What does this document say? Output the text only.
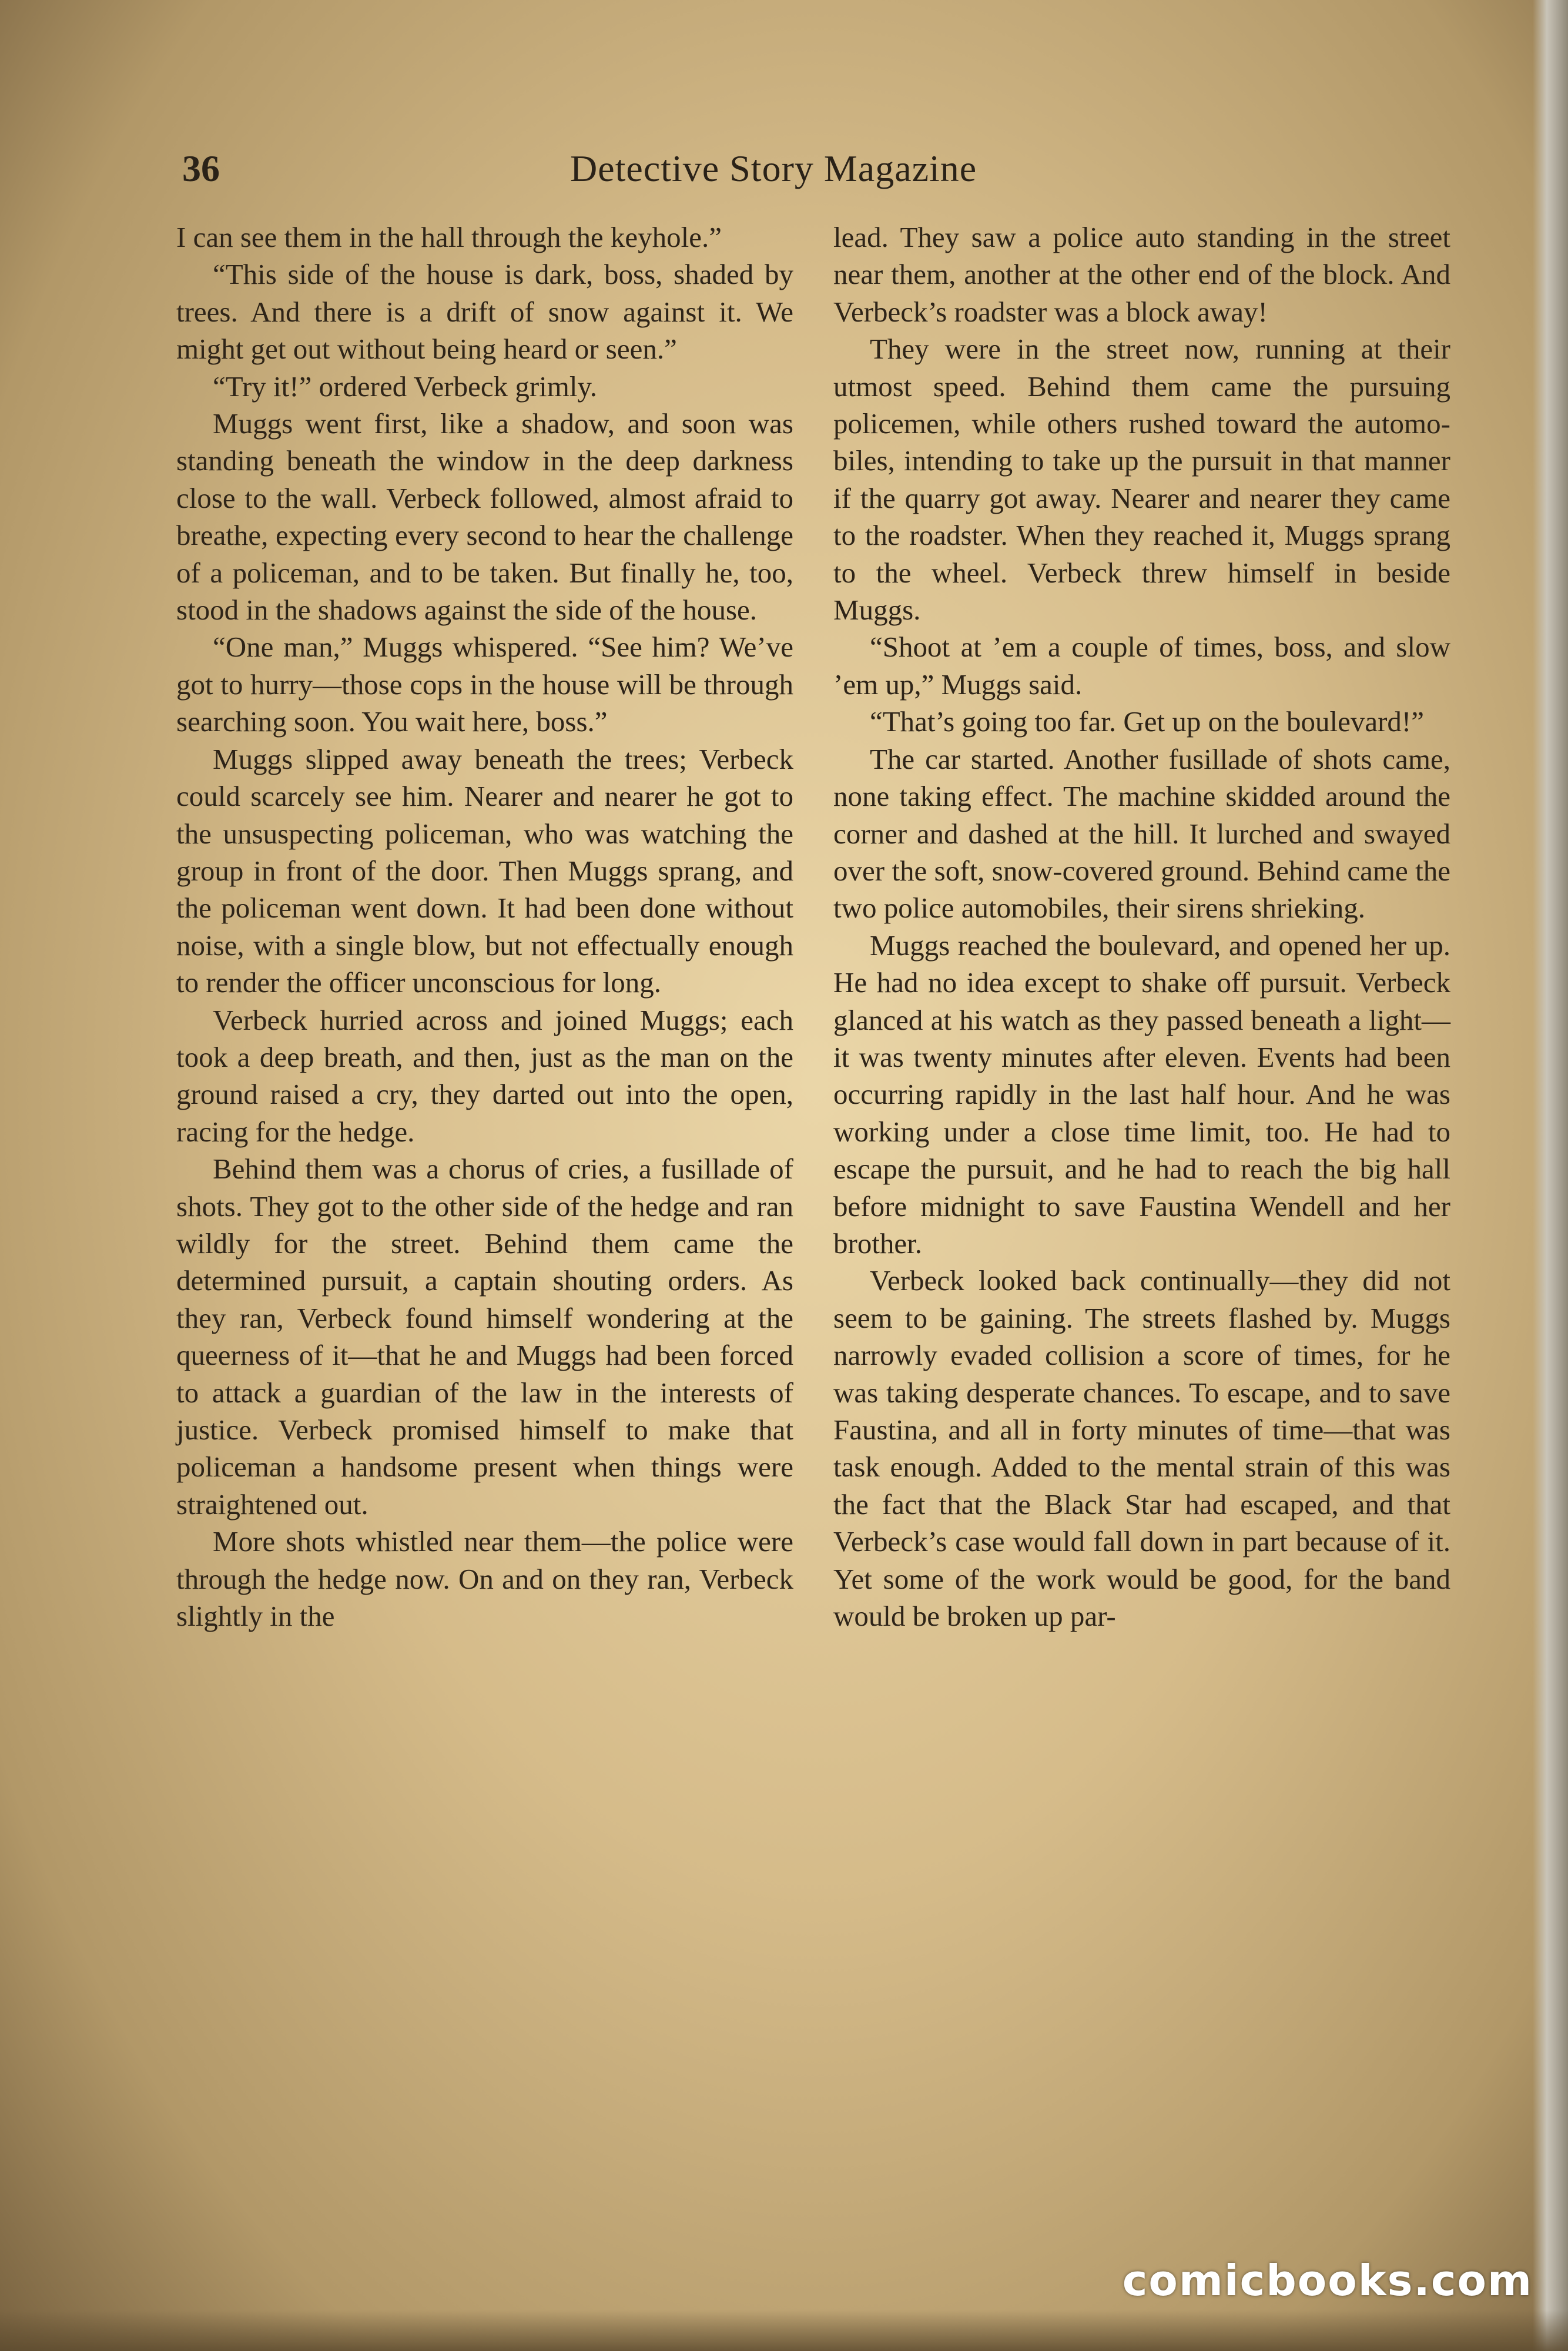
36	Detective Story Magazine

I can see them in the hall through the keyhole.”

“This side of the house is dark, boss, shaded by trees. And there is a drift of snow against it. We might get out without being heard or seen.”

“Try it!” ordered Verbeck grimly.

Muggs went first, like a shadow, and soon was standing beneath the window in the deep darkness close to the wall. Verbeck followed, almost afraid to breathe, expecting every second to hear the challenge of a policeman, and to be taken. But finally he, too, stood in the shadows against the side of the house.

“One man,” Muggs whispered. “See him? We’ve got to hurry—those cops in the house will be through searching soon. You wait here, boss.”

Muggs slipped away beneath the trees; Verbeck could scarcely see him. Nearer and nearer he got to the unsuspecting policeman, who was watching the group in front of the door. Then Muggs sprang, and the policeman went down. It had been done without noise, with a single blow, but not effectually enough to render the officer unconscious for long.

Verbeck hurried across and joined Muggs; each took a deep breath, and then, just as the man on the ground raised a cry, they darted out into the open, racing for the hedge.

Behind them was a chorus of cries, a fusillade of shots. They got to the other side of the hedge and ran wildly for the street. Behind them came the determined pursuit, a captain shouting orders. As they ran, Verbeck found himself wondering at the queerness of it—that he and Muggs had been forced to attack a guardian of the law in the interests of justice. Verbeck promised himself to make that policeman a handsome present when things were straightened out.

More shots whistled near them—the police were through the hedge now. On and on they ran, Verbeck slightly in the

lead. They saw a police auto standing in the street near them, another at the other end of the block. And Verbeck’s roadster was a block away!

They were in the street now, running at their utmost speed. Behind them came the pursuing policemen, while others rushed toward the automobiles, intending to take up the pursuit in that manner if the quarry got away. Nearer and nearer they came to the roadster. When they reached it, Muggs sprang to the wheel. Verbeck threw himself in beside Muggs.

“Shoot at ’em a couple of times, boss, and slow ’em up,” Muggs said.

“That’s going too far. Get up on the boulevard!”

The car started. Another fusillade of shots came, none taking effect. The machine skidded around the corner and dashed at the hill. It lurched and swayed over the soft, snow-covered ground. Behind came the two police automobiles, their sirens shrieking.

Muggs reached the boulevard, and opened her up. He had no idea except to shake off pursuit. Verbeck glanced at his watch as they passed beneath a light—it was twenty minutes after eleven. Events had been occurring rapidly in the last half hour. And he was working under a close time limit, too. He had to escape the pursuit, and he had to reach the big hall before midnight to save Faustina Wendell and her brother.

Verbeck looked back continually—they did not seem to be gaining. The streets flashed by. Muggs narrowly evaded collision a score of times, for he was taking desperate chances. To escape, and to save Faustina, and all in forty minutes of time—that was task enough. Added to the mental strain of this was the fact that the Black Star had escaped, and that Verbeck’s case would fall down in part because of it. Yet some of the work would be good, for the band would be broken up par-

comicbooks.com
